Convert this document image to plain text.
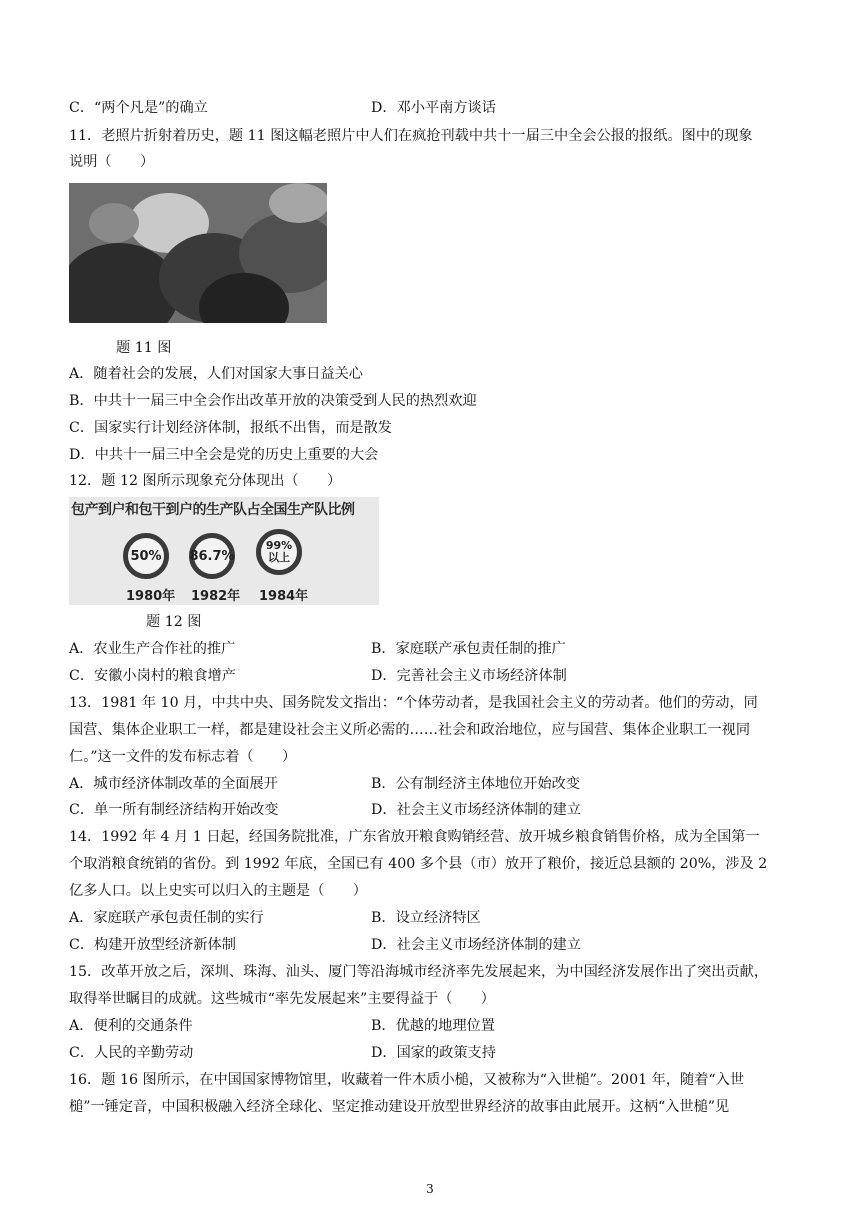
C．“两个凡是”的确立	D．邓小平南方谈话
11．老照片折射着历史，题 11 图这幅老照片中人们在疯抢刊载中共十一届三中全会公报的报纸。图中的现象
说明（　　）
题 11 图
A．随着社会的发展，人们对国家大事日益关心
B．中共十一届三中全会作出改革开放的决策受到人民的热烈欢迎
C．国家实行计划经济体制，报纸不出售，而是散发
D．中共十一届三中全会是党的历史上重要的大会
12．题 12 图所示现象充分体现出（　　）
包产到户和包干到户的生产队占全国生产队比例
50% 86.7%
99%
以上
1980年 1982年 1984年
题 12 图
A．农业生产合作社的推广	B．家庭联产承包责任制的推广
C．安徽小岗村的粮食增产	D．完善社会主义市场经济体制
13．1981 年 10 月，中共中央、国务院发文指出：“个体劳动者，是我国社会主义的劳动者。他们的劳动，同
国营、集体企业职工一样，都是建设社会主义所必需的……社会和政治地位，应与国营、集体企业职工一视同
仁。”这一文件的发布标志着（　　）
A．城市经济体制改革的全面展开	B．公有制经济主体地位开始改变
C．单一所有制经济结构开始改变	D．社会主义市场经济体制的建立
14．1992 年 4 月 1 日起，经国务院批准，广东省放开粮食购销经营、放开城乡粮食销售价格，成为全国第一
个取消粮食统销的省份。到 1992 年底，全国已有 400 多个县（市）放开了粮价，接近总县额的 20%，涉及 2
亿多人口。以上史实可以归入的主题是（　　）
A．家庭联产承包责任制的实行	B．设立经济特区
C．构建开放型经济新体制	D．社会主义市场经济体制的建立
15．改革开放之后，深圳、珠海、汕头、厦门等沿海城市经济率先发展起来，为中国经济发展作出了突出贡献，
取得举世瞩目的成就。这些城市“率先发展起来”主要得益于（　　）
A．便利的交通条件	B．优越的地理位置
C．人民的辛勤劳动	D．国家的政策支持
16．题 16 图所示，在中国国家博物馆里，收藏着一件木质小槌，又被称为“入世槌”。2001 年，随着“入世
槌”一锤定音，中国积极融入经济全球化、坚定推动建设开放型世界经济的故事由此展开。这柄“入世槌”见
3
